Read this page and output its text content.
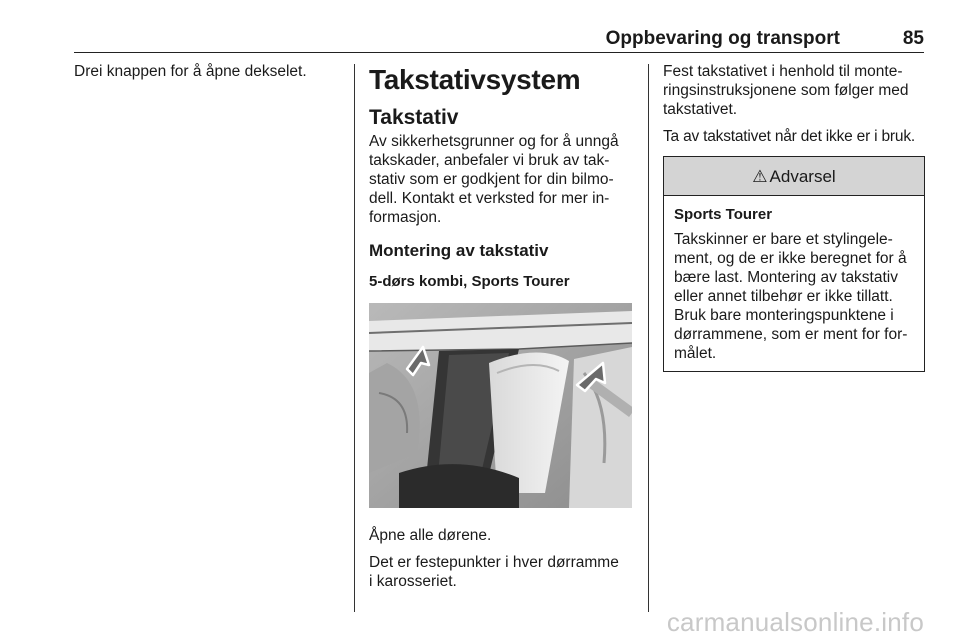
Oppbevaring og transport	85

Drei knappen for å åpne dekselet.	Takstativsystem
Takstativ

Av sikkerhetsgrunner og for å unngå
takskader, anbefaler vi bruk av tak-
stativ som er godkjent for din bilmo-
dell. Kontakt et verksted for mer in-
formasjon.

Montering av takstativ
5-dørs kombi, Sports Tourer

Åpne alle dørene.

Det er festepunkter i hver dørramme
i karosseriet.

Fest takstativet i henhold til monte-
ringsinstruksjonene som følger med
takstativet.

Ta av takstativet når det ikke er i bruk.

⚠ Advarsel
Sports Tourer
Takskinner er bare et stylingele-
ment, og de er ikke beregnet for å
bære last. Montering av takstativ
eller annet tilbehør er ikke tillatt.
Bruk bare monteringspunktene i
dørrammene, som er ment for for-
målet.
carmanualsonline.info
